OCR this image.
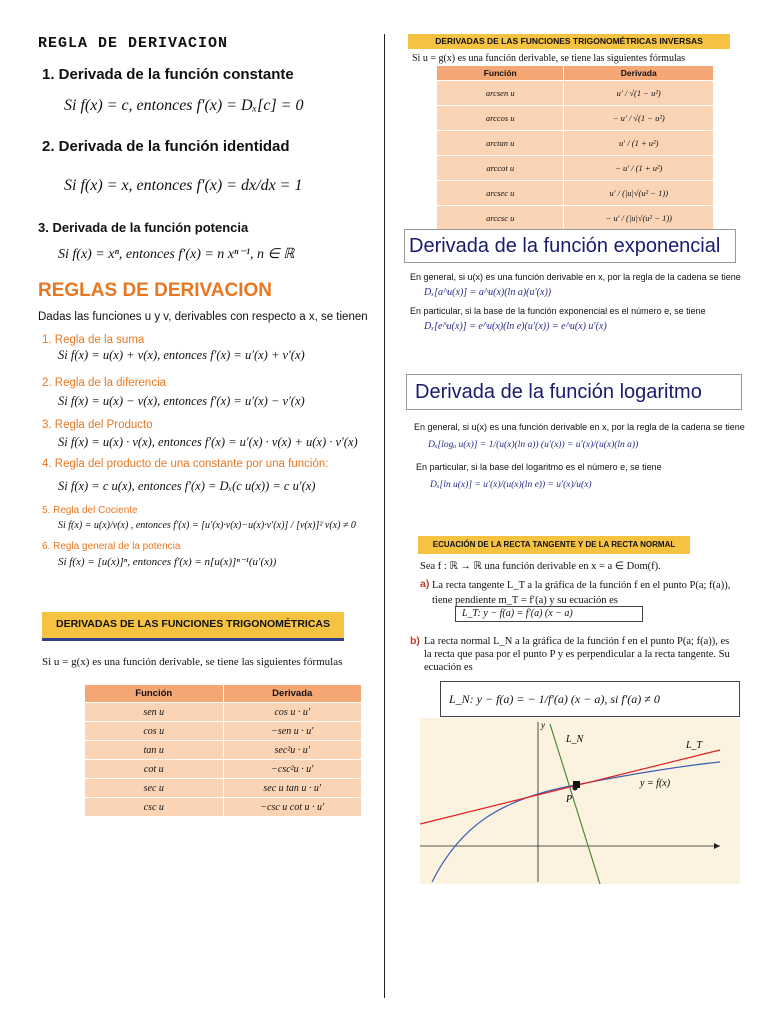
REGLA DE DERIVACION
1. Derivada de la función constante
Si f(x) = c, entonces f′(x) = Dₓ[c] = 0
2. Derivada de la función identidad
Si f(x) = x, entonces f′(x) = dx/dx = 1
3. Derivada de la función potencia
Si f(x) = xⁿ, entonces f′(x) = n xⁿ⁻¹, n ∈ ℝ
REGLAS DE DERIVACION
Dadas las funciones u y v, derivables con respecto a x, se tienen
1. Regla de la suma
Si f(x) = u(x) + v(x), entonces f′(x) = u′(x) + v′(x)
2. Regla de la diferencia
Si f(x) = u(x) − v(x), entonces f′(x) = u′(x) − v′(x)
3. Regla del Producto
Si f(x) = u(x) · v(x), entonces f′(x) = u′(x) · v(x) + u(x) · v′(x)
4. Regla del producto de una constante por una función:
Si f(x) = c u(x), entonces f′(x) = Dₓ(c u(x)) = c u′(x)
5. Regla del Cociente
Si f(x) = u(x)/v(x) , entonces f′(x) = [u′(x)·v(x)−u(x)·v′(x)] / [v(x)]² v(x) ≠ 0
6. Regla general de la potencia
Si f(x) = [u(x)]ⁿ, entonces f′(x) = n[u(x)]ⁿ⁻¹(u′(x))
DERIVADAS DE LAS FUNCIONES TRIGONOMÉTRICAS
Si u = g(x) es una función derivable, se tiene las siguientes fórmulas
Función	Derivada
sen u	cos u · u′
cos u	−sen u · u′
tan u	sec²u · u′
cot u	−csc²u · u′
sec u	sec u tan u · u′
csc u	−csc u cot u · u′
DERIVADAS DE LAS FUNCIONES TRIGONOMÉTRICAS INVERSAS
Si u = g(x) es una función derivable, se tiene las siguientes fórmulas
Función	Derivada
arcsen u	u′ / √(1 − u²)
arccos u	− u′ / √(1 − u²)
arctan u	u′ / (1 + u²)
arccot u	− u′ / (1 + u²)
arcsec u	u′ / (|u|√(u² − 1))
arccsc u	− u′ / (|u|√(u² − 1))
Derivada de la función exponencial
En general, si u(x) es una función derivable en x, por la regla de la cadena se tiene
Dₓ[a^u(x)] = a^u(x)(ln a)(u′(x))
En particular, si la base de la función exponencial es el número e, se tiene
Dₓ[e^u(x)] = e^u(x)(ln e)(u′(x)) = e^u(x) u′(x)
Derivada de la función logaritmo
En general, si u(x) es una función derivable en x, por la regla de la cadena se tiene
Dₓ[logₐ u(x)] = 1/(u(x)(ln a)) (u′(x)) = u′(x)/(u(x)(ln a))
En particular, si la base del logaritmo es el número e, se tiene
Dₓ[ln u(x)] = u′(x)/(u(x)(ln e)) = u′(x)/u(x)
ECUACIÓN DE LA RECTA TANGENTE Y DE LA RECTA NORMAL
Sea f : ℝ → ℝ una función derivable en x = a ∈ Dom(f).
a) La recta tangente L_T a la gráfica de la función f en el punto P(a; f(a)), tiene pendiente m_T = f′(a) y su ecuación es
L_T: y − f(a) = f′(a) (x − a)
b) La recta normal L_N a la gráfica de la función f en el punto P(a; f(a)), es la recta que pasa por el punto P y es perpendicular a la recta tangente. Su ecuación es
L_N: y − f(a) = − 1/f′(a) (x − a), si f′(a) ≠ 0
y
L_N
L_T
y = f(x)
P
